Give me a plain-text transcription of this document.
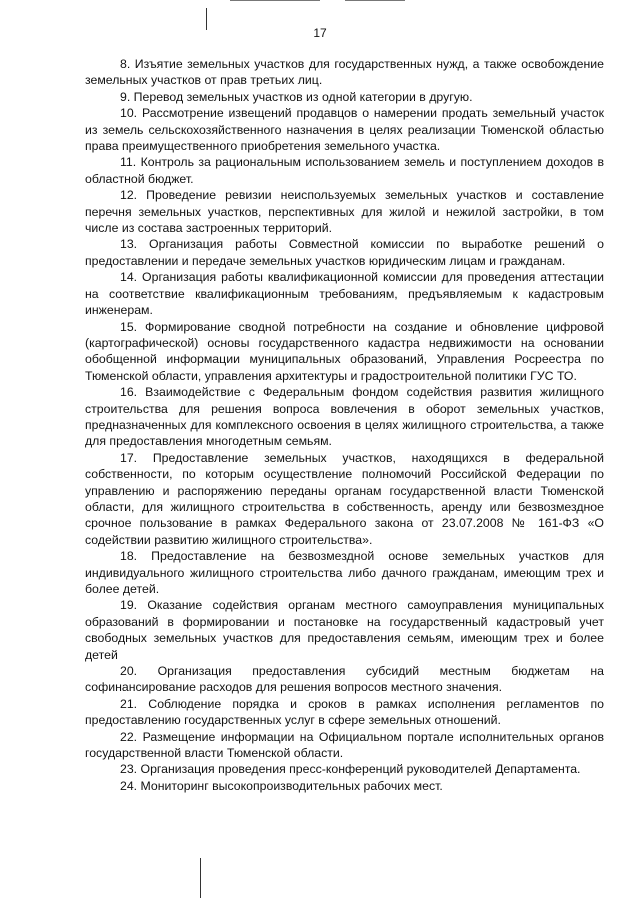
17

8. Изъятие земельных участков для государственных нужд, а также освобождение земельных участков от прав третьих лиц.

9. Перевод земельных участков из одной категории в другую.

10. Рассмотрение извещений продавцов о намерении продать земельный участок из земель сельскохозяйственного назначения в целях реализации Тюменской областью права преимущественного приобретения земельного участка.

11. Контроль за рациональным использованием земель и поступлением доходов в областной бюджет.

12. Проведение ревизии неиспользуемых земельных участков и составление перечня земельных участков, перспективных для жилой и нежилой застройки, в том числе из состава застроенных территорий.

13. Организация работы Совместной комиссии по выработке решений о предоставлении и передаче земельных участков юридическим лицам и гражданам.

14. Организация работы квалификационной комиссии для проведения аттестации на соответствие квалификационным требованиям, предъявляемым к кадастровым инженерам.

15. Формирование сводной потребности на создание и обновление цифровой (картографической) основы государственного кадастра недвижимости на основании обобщенной информации муниципальных образований, Управления Росреестра по Тюменской области, управления архитектуры и градостроительной политики ГУС ТО.

16. Взаимодействие с Федеральным фондом содействия развития жилищного строительства для решения вопроса вовлечения в оборот земельных участков, предназначенных для комплексного освоения в целях жилищного строительства, а также для предоставления многодетным семьям.

17. Предоставление земельных участков, находящихся в федеральной собственности, по которым осуществление полномочий Российской Федерации по управлению и распоряжению переданы органам государственной власти Тюменской области, для жилищного строительства в собственность, аренду или безвозмездное срочное пользование в рамках Федерального закона от 23.07.2008 № 161-ФЗ «О содействии развитию жилищного строительства».

18. Предоставление на безвозмездной основе земельных участков для индивидуального жилищного строительства либо дачного гражданам, имеющим трех и более детей.

19. Оказание содействия органам местного самоуправления муниципальных образований в формировании и постановке на государственный кадастровый учет свободных земельных участков для предоставления семьям, имеющим трех и более детей

20. Организация предоставления субсидий местным бюджетам на софинансирование расходов для решения вопросов местного значения.

21. Соблюдение порядка и сроков в рамках исполнения регламентов по предоставлению государственных услуг в сфере земельных отношений.

22. Размещение информации на Официальном портале исполнительных органов государственной власти Тюменской области.

23. Организация проведения пресс-конференций руководителей Департамента.

24. Мониторинг высокопроизводительных рабочих мест.
